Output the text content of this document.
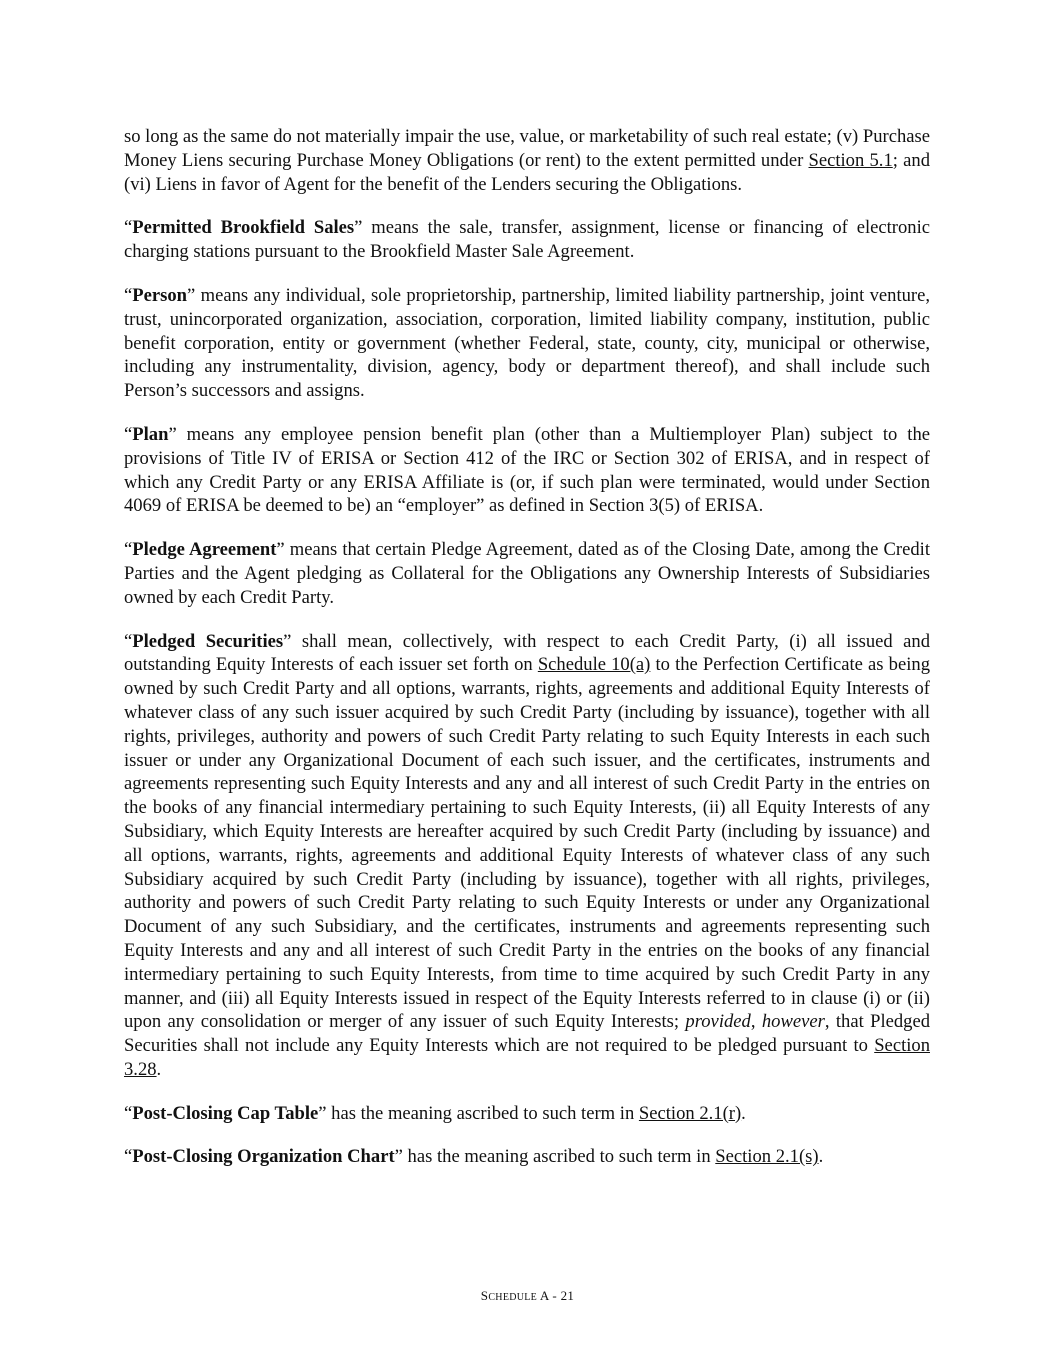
so long as the same do not materially impair the use, value, or marketability of such real estate; (v) Purchase Money Liens securing Purchase Money Obligations (or rent) to the extent permitted under Section 5.1; and (vi) Liens in favor of Agent for the benefit of the Lenders securing the Obligations.

“Permitted Brookfield Sales” means the sale, transfer, assignment, license or financing of electronic charging stations pursuant to the Brookfield Master Sale Agreement.

“Person” means any individual, sole proprietorship, partnership, limited liability partnership, joint venture, trust, unincorporated organization, association, corporation, limited liability company, institution, public benefit corporation, entity or government (whether Federal, state, county, city, municipal or otherwise, including any instrumentality, division, agency, body or department thereof), and shall include such Person’s successors and assigns.

“Plan” means any employee pension benefit plan (other than a Multiemployer Plan) subject to the provisions of Title IV of ERISA or Section 412 of the IRC or Section 302 of ERISA, and in respect of which any Credit Party or any ERISA Affiliate is (or, if such plan were terminated, would under Section 4069 of ERISA be deemed to be) an “employer” as defined in Section 3(5) of ERISA.

“Pledge Agreement” means that certain Pledge Agreement, dated as of the Closing Date, among the Credit Parties and the Agent pledging as Collateral for the Obligations any Ownership Interests of Subsidiaries owned by each Credit Party.

“Pledged Securities” shall mean, collectively, with respect to each Credit Party, (i) all issued and outstanding Equity Interests of each issuer set forth on Schedule 10(a) to the Perfection Certificate as being owned by such Credit Party and all options, warrants, rights, agreements and additional Equity Interests of whatever class of any such issuer acquired by such Credit Party (including by issuance), together with all rights, privileges, authority and powers of such Credit Party relating to such Equity Interests in each such issuer or under any Organizational Document of each such issuer, and the certificates, instruments and agreements representing such Equity Interests and any and all interest of such Credit Party in the entries on the books of any financial intermediary pertaining to such Equity Interests, (ii) all Equity Interests of any Subsidiary, which Equity Interests are hereafter acquired by such Credit Party (including by issuance) and all options, warrants, rights, agreements and additional Equity Interests of whatever class of any such Subsidiary acquired by such Credit Party (including by issuance), together with all rights, privileges, authority and powers of such Credit Party relating to such Equity Interests or under any Organizational Document of any such Subsidiary, and the certificates, instruments and agreements representing such Equity Interests and any and all interest of such Credit Party in the entries on the books of any financial intermediary pertaining to such Equity Interests, from time to time acquired by such Credit Party in any manner, and (iii) all Equity Interests issued in respect of the Equity Interests referred to in clause (i) or (ii) upon any consolidation or merger of any issuer of such Equity Interests; provided, however, that Pledged Securities shall not include any Equity Interests which are not required to be pledged pursuant to Section 3.28.

“Post-Closing Cap Table” has the meaning ascribed to such term in Section 2.1(r).

“Post-Closing Organization Chart” has the meaning ascribed to such term in Section 2.1(s).

SCHEDULE A - 21
